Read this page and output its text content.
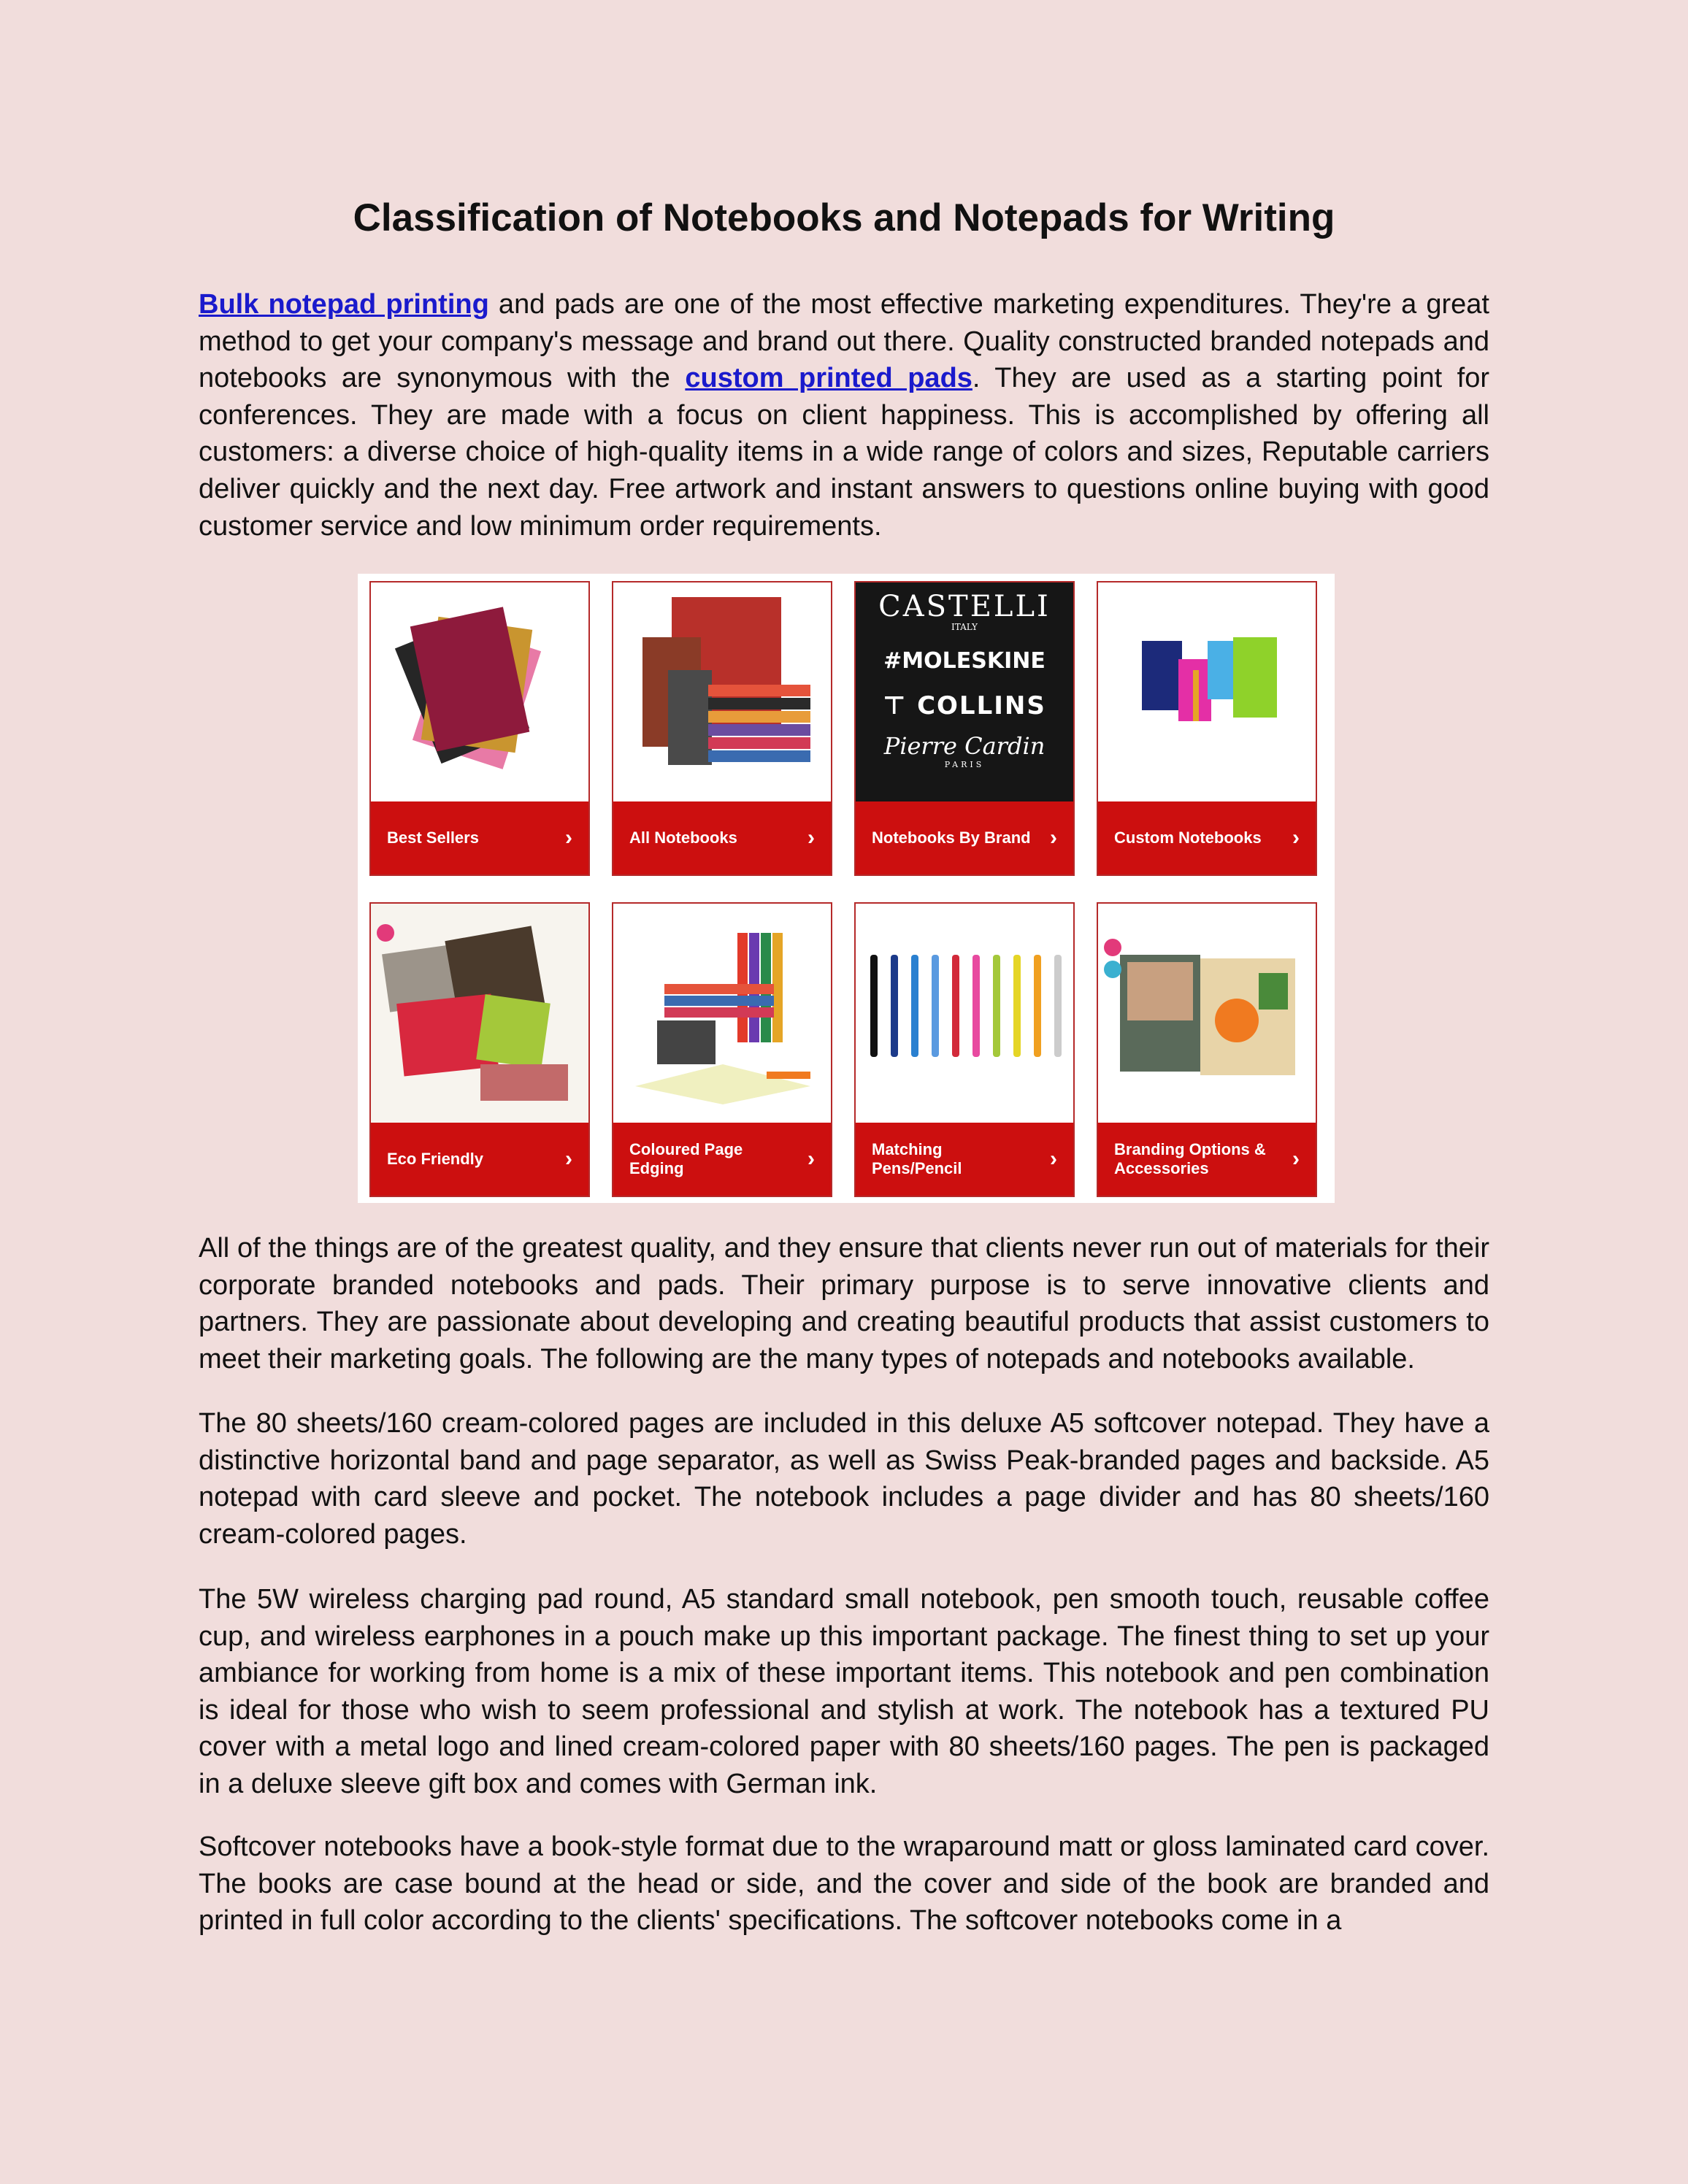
Classification of Notebooks and Notepads for Writing

Bulk notepad printing and pads are one of the most effective marketing expenditures. They're a great method to get your company's message and brand out there. Quality constructed branded notepads and notebooks are synonymous with the custom printed pads. They are used as a starting point for conferences. They are made with a focus on client happiness. This is accomplished by offering all customers: a diverse choice of high-quality items in a wide range of colors and sizes, Reputable carriers deliver quickly and the next day. Free artwork and instant answers to questions online buying with good customer service and low minimum order requirements.

Best Sellers	›	All Notebooks	›
CASTELLI
ITALY
#MOLESKINE
⊤ COLLINS
Pierre Cardin
PARIS
Notebooks By Brand ›	Custom Notebooks	›
Eco Friendly	›	Coloured Page Edging	›	Matching Pens/Pencil	›	Branding Options & Accessories	›

All of the things are of the greatest quality, and they ensure that clients never run out of materials for their corporate branded notebooks and pads. Their primary purpose is to serve innovative clients and partners. They are passionate about developing and creating beautiful products that assist customers to meet their marketing goals. The following are the many types of notepads and notebooks available.

The 80 sheets/160 cream-colored pages are included in this deluxe A5 softcover notepad. They have a distinctive horizontal band and page separator, as well as Swiss Peak-branded pages and backside. A5 notepad with card sleeve and pocket. The notebook includes a page divider and has 80 sheets/160 cream-colored pages.

The 5W wireless charging pad round, A5 standard small notebook, pen smooth touch, reusable coffee cup, and wireless earphones in a pouch make up this important package. The finest thing to set up your ambiance for working from home is a mix of these important items. This notebook and pen combination is ideal for those who wish to seem professional and stylish at work. The notebook has a textured PU cover with a metal logo and lined cream-colored paper with 80 sheets/160 pages. The pen is packaged in a deluxe sleeve gift box and comes with German ink.

Softcover notebooks have a book-style format due to the wraparound matt or gloss laminated card cover. The books are case bound at the head or side, and the cover and side of the book are branded and printed in full color according to the clients' specifications. The softcover notebooks come in a
